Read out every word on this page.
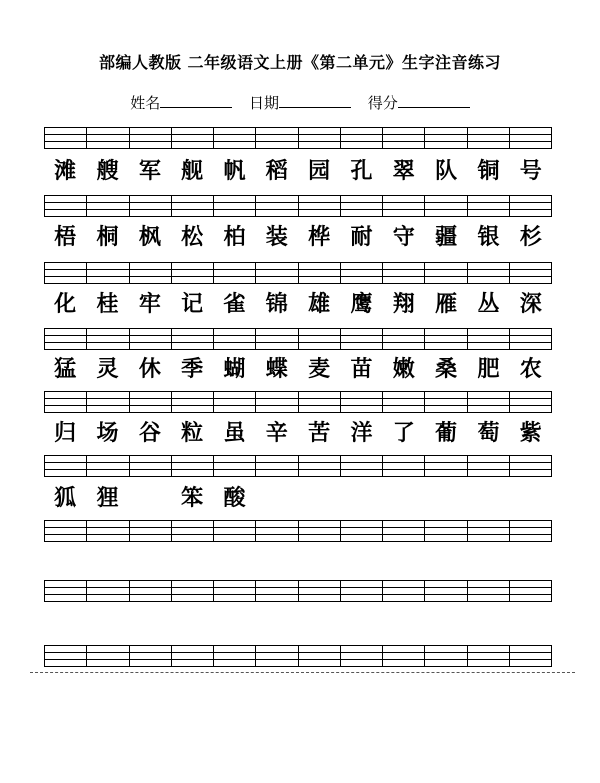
部编人教版 二年级语文上册《第二单元》生字注音练习
姓名	日期	得分
滩 艘 军 舰 帆 稻 园 孔 翠 队 铜 号
梧 桐 枫 松 柏 装 桦 耐 守 疆 银 杉
化 桂 牢 记 雀 锦 雄 鹰 翔 雁 丛 深
猛 灵 休 季 蝴 蝶 麦 苗 嫩 桑 肥 农
归 场 谷 粒 虽 辛 苦 洋 了 葡 萄 紫
狐 狸	笨 酸
